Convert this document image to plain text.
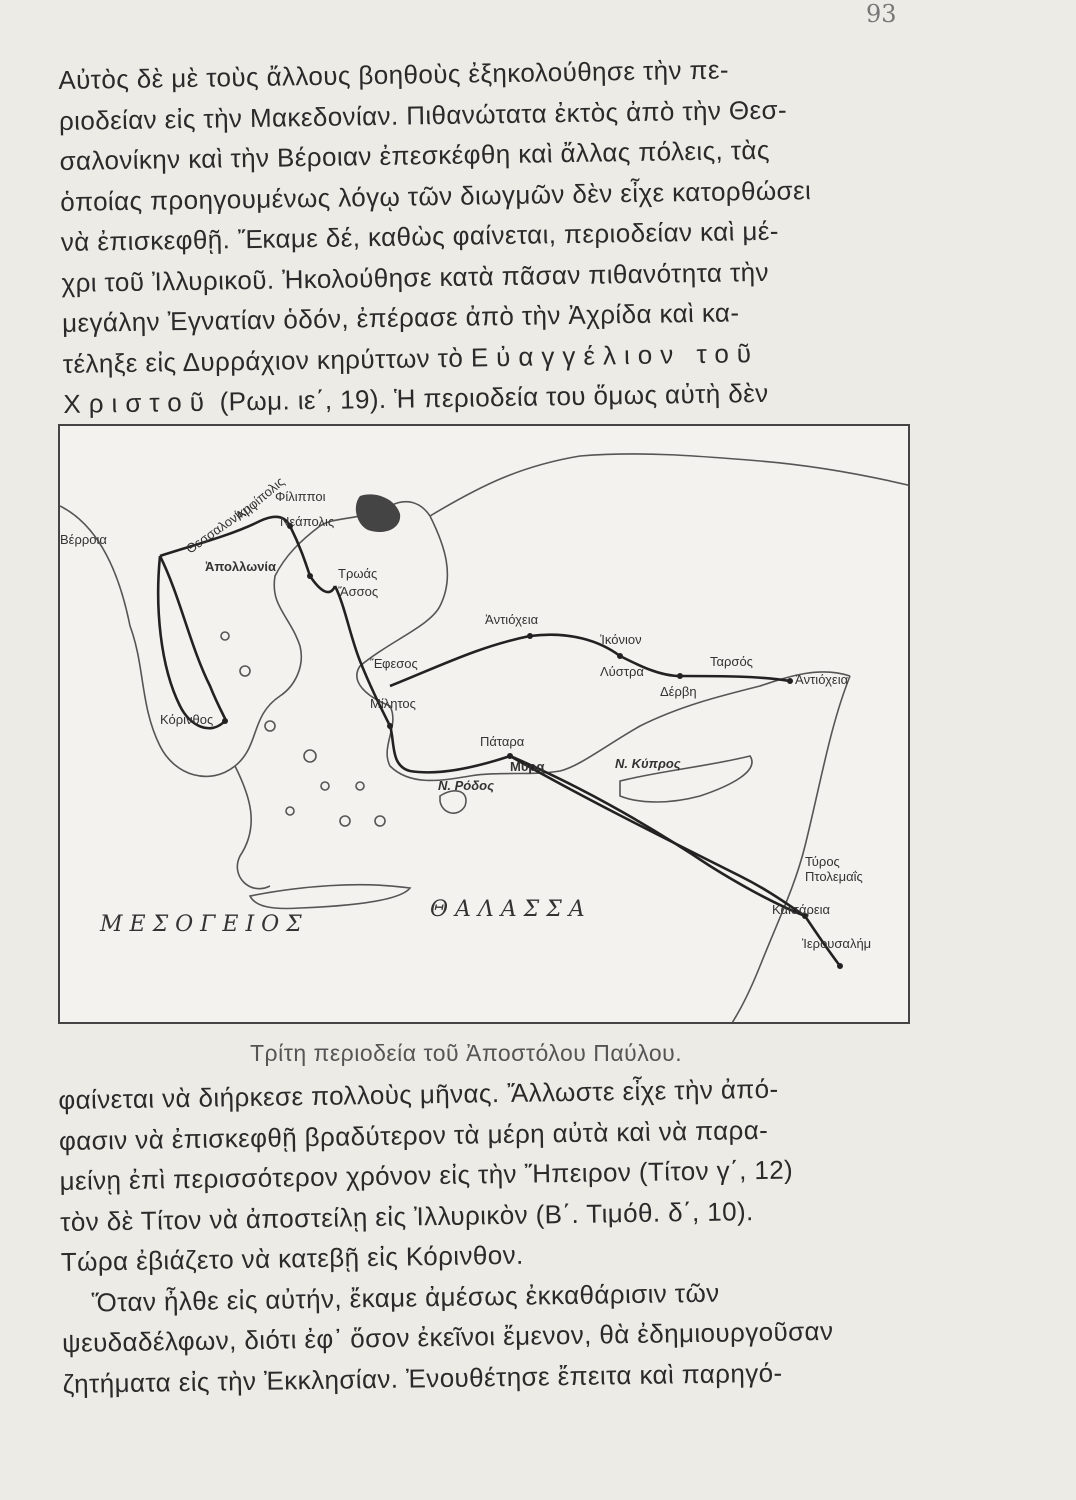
93
Αὐτὸς δὲ μὲ τοὺς ἄλλους βοηθοὺς ἐξηκολούθησε τὴν πε-
ριοδείαν εἰς τὴν Μακεδονίαν. Πιθανώτατα ἐκτὸς ἀπὸ τὴν Θεσ-
σαλονίκην καὶ τὴν Βέροιαν ἐπεσκέφθη καὶ ἄλλας πόλεις, τὰς
ὁποίας προηγουμένως λόγῳ τῶν διωγμῶν δὲν εἶχε κατορθώσει
νὰ ἐπισκεφθῇ. Ἔκαμε δέ, καθὼς φαίνεται, περιοδείαν καὶ μέ-
χρι τοῦ Ἰλλυρικοῦ. Ἠκολούθησε κατὰ πᾶσαν πιθανότητα τὴν
μεγάλην Ἐγνατίαν ὁδόν, ἐπέρασε ἀπὸ τὴν Ἀχρίδα καὶ κα-
τέληξε εἰς Δυρράχιον κηρύττων τὸ Εὐαγγέλιον τοῦ
Χριστοῦ (Ρωμ. ιε΄, 19). Ἡ περιοδεία του ὅμως αὐτὴ δὲν
Βέρροια	Θεσσαλονίκη
Ἀπολλωνία
Ἀμφίπολις
Φίλιπποι
Νεάπολις
Τρωάς
Ἄσσος
Ἀντιόχεια
Ἰκόνιον
Λύστρα
Δέρβη
Ταρσός
Ἀντιόχεια
Ἔφεσος
Μίλητος
Κόρινθος
Πάταρα
Μύρα
Ν. Ρόδος
Ν. Κύπρος
Τύρος
Πτολεμαΐς
Καισάρεια
Ἱερουσαλήμ
Μ Ε Σ Ο Γ Ε Ι Ο Σ
Θ Α Λ Α Σ Σ Α
Τρίτη περιοδεία τοῦ Ἀποστόλου Παύλου.
φαίνεται νὰ διήρκεσε πολλοὺς μῆνας. Ἄλλωστε εἶχε τὴν ἀπό-
φασιν νὰ ἐπισκεφθῇ βραδύτερον τὰ μέρη αὐτὰ καὶ νὰ παρα-
μείνῃ ἐπὶ περισσότερον χρόνον εἰς τὴν Ἤπειρον (Τίτον γ΄, 12)
τὸν δὲ Τίτον νὰ ἀποστείλῃ εἰς Ἰλλυρικὸν (Β΄. Τιμόθ. δ΄, 10).
Τώρα ἐβιάζετο νὰ κατεβῇ εἰς Κόρινθον.
Ὅταν ἦλθε εἰς αὐτήν, ἔκαμε ἀμέσως ἐκκαθάρισιν τῶν
ψευδαδέλφων, διότι ἐφ᾿ ὅσον ἐκεῖνοι ἔμενον, θὰ ἐδημιουργοῦσαν
ζητήματα εἰς τὴν Ἐκκλησίαν. Ἐνουθέτησε ἔπειτα καὶ παρηγό-
